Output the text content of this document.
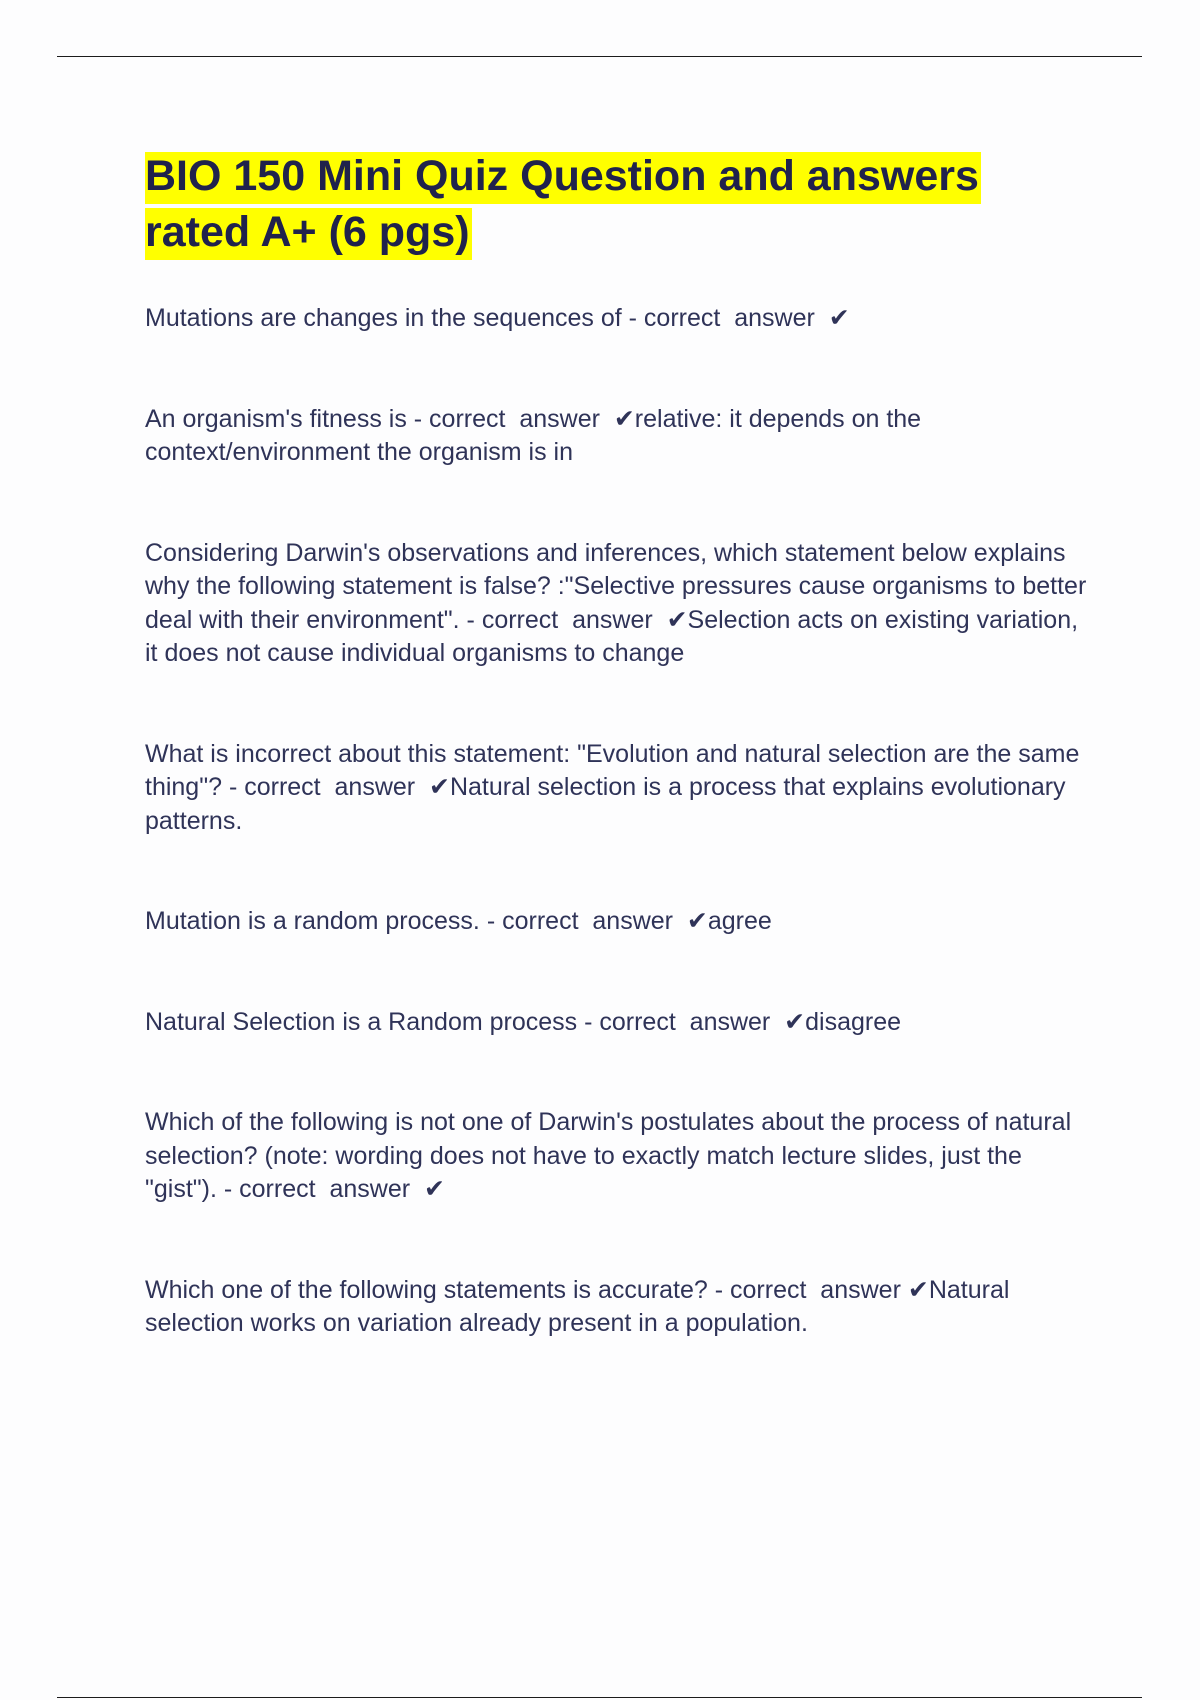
BIO 150 Mini Quiz Question and answers rated A+ (6 pgs)

Mutations are changes in the sequences of - correct  answer  ✔

An organism's fitness is - correct  answer  ✔relative: it depends on the context/environment the organism is in

Considering Darwin's observations and inferences, which statement below explains why the following statement is false? :"Selective pressures cause organisms to better deal with their environment". - correct  answer  ✔Selection acts on existing variation, it does not cause individual organisms to change

What is incorrect about this statement: "Evolution and natural selection are the same thing"? - correct  answer  ✔Natural selection is a process that explains evolutionary patterns.

Mutation is a random process. - correct  answer  ✔agree

Natural Selection is a Random process - correct  answer  ✔disagree

Which of the following is not one of Darwin's postulates about the process of natural selection? (note: wording does not have to exactly match lecture slides, just the "gist"). - correct  answer  ✔

Which one of the following statements is accurate? - correct  answer ✔Natural selection works on variation already present in a population.
